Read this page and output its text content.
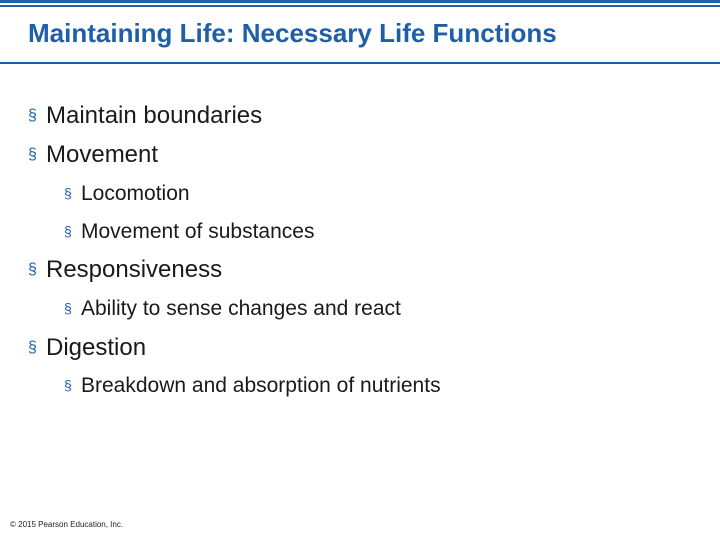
Maintaining Life: Necessary Life Functions
§ Maintain boundaries
§ Movement
§ Locomotion
§ Movement of substances
§ Responsiveness
§ Ability to sense changes and react
§ Digestion
§ Breakdown and absorption of nutrients
© 2015 Pearson Education, Inc.
